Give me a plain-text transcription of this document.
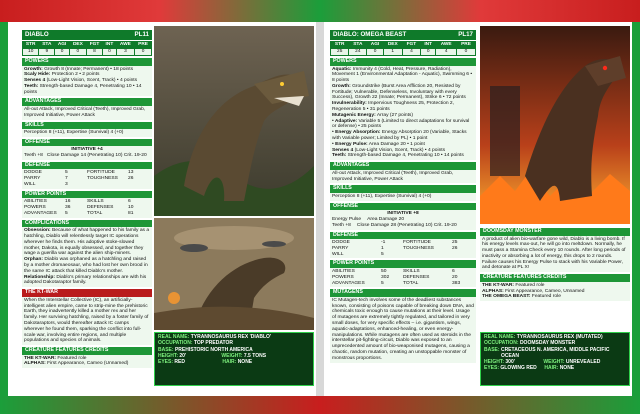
DIABLO	PL11
STR	STA	AGI	DEX	FGT	INT	AWE	PRE
10	9	0	0	8	0	3	0
POWERS
Growth: Growth 8 (Innate; Permanent) • 18 points
Scaly Hide: Protection 2 • 2 points
Senses 4 (Low-Light Vision, Scent, Track) • 4 points
Teeth: Strength-based Damage 4, Penetrating 10 • 14 points
ADVANTAGES
All-out Attack, Improved Critical (Teeth), Improved Grab, Improved Initiative, Power Attack
SKILLS
Perception 8 (+11), Expertise (Survival) 4 (+0)
OFFENSE
INITIATIVE +4
Teeth +8 Close Damage 14 (Penetrating 10) Crit. 19-20
DEFENSE
DODGE	5	FORTITUDE	13
PARRY	7	TOUGHNESS	26
WILL	3
POWER POINTS
ABILITIES	16	SKILLS	6
POWERS	36	DEFENSES	10
ADVANTAGES	5	TOTAL	81
COMPLICATIONS
Obsession: Because of what happened to his family as a hatchling, Diablo will relentlessly target IC operations wherever he finds them. His adoptive stoke-slowed mother, Dakota, is equally obsessed, and together they wage a guerilla war against the alien ship-miners.
Orphan: Diablo was orphaned as a hatchling and raised by a mother dromaeosaur, who had lost her own brood in the same IC attack that killed Diablo's mother.
Relationship: Diablo's primary relationships are with his adopted Dakotaraptor family.
THE KT-WAR
When the Interstellar Collective (IC), an artificially-intelligent alien empire, came to strip-mine the prehistoric Earth, they inadvertently killed a mother rex and her family. Her surviving hatchling, raised by a foster family of Dakotaraptors, would thereafter attack IC camps wherever he found them, sparking the conflict into full-scale war, involving entire regions, and multiple populations and species of animals.
CREATURE FEATURES CREDITS
THE KT-WAR: Featured role
ALPHAS: First Appearance, Cameo (Unnamed)
REAL NAME:
TYRANNOSAURUS REX 'DIABLO'
OCCUPATION:
TOP PREDATOR
BASE:
PREHISTORIC NORTH AMERICA
HEIGHT:
20'	WEIGHT:
7.5 TONS
EYES:
RED	HAIR:
NONE
DIABLO: OMEGA BEAST	PL17
STR	STA	AGI	DEX	FGT	INT	AWE	PRE
25	24	0	1	4	0	4	0
POWERS
Aquatic: Immunity 4 (Cold, Heat, Pressure, Radiation), Movement 1 (Environmental Adaptation - Aquatic), Swimming 6 • 8 points
Growth: Groundstrike (Burst Area Affliction 20, Resisted by Fortitude; Vulnerable, Defenseless, Involuntary with every Success), Growth 22 (Innate; Permanent), Strike 6 • 72 points
Invulnerability: Impervious Toughness 25, Protection 2, Regeneration 5 • 31 points
Mutagenic Energy: Array (27 points)
• Adaptive: Variable 5 (Limited to direct adaptations for survival or defense) • 25 points
• Energy Absorption: Energy Absorption 20 (Variable, Stacks with Variable power; Limited by PL) • 1 point
• Energy Pulse: Area Damage 20 • 1 point
Senses 4 (Low-Light Vision, Scent, Track) • 4 points
Teeth: Strength-based Damage 4, Penetrating 10 • 14 points
ADVANTAGES
All-out Attack, Improved Critical (Teeth), Improved Grab, Improved Initiative, Power Attack
SKILLS
Perception 8 (+11), Expertise (Survival) 4 (+0)
OFFENSE
INITIATIVE +8
Energy Pulse Area Damage 20
Teeth +8 Close Damage 28 (Penetrating 10) Crit. 19-20
DEFENSE
DODGE	-1	FORTITUDE	25
PARRY	1	TOUGHNESS	26
WILL	5
POWER POINTS
ABILITIES	50	SKILLS	6
POWERS	302	DEFENSES	20
ADVANTAGES	5	TOTAL	383
MUTAGENS
IC Mutagen-tech involves some of the deadliest substances known, consisting of poisons capable of breaking down DNA, and chemicals toxic enough to cause mutations at their level. Usage of mutagens are extremely tightly regulated, and tailored in very small doses, for very specific effects – i.e. gigantism, wings, aquatic-adaptations, enhanced-healing, or even energy-manipulations. While mutagens are often used as steroids in the interstellar pit-fighting-circuit, Diablo was exposed to an unprecedented amount of bio-weaponised mutagens, causing a chaotic, random mutation, creating an unstoppable monster of monstrous proportions.
DOOMSDAY MONSTER
A product of alien bio-warfare gone wild, Diablo is a living bomb. If his energy levels max-out, he will go into meltdown. Normally, he must pass a Stamina Check every 10 rounds. After long periods of inactivity or absorbing a lot of energy, this drops to 2 rounds. Failure causes his Energy Pulse to stack with his Variable Power, and detonate at PL X!
CREATURE FEATURES CREDITS
THE KT-WAR: Featured role
ALPHAS: First Appearance, Cameo, Unnamed
THE OMEGA BEAST: Featured role
REAL NAME:
TYRANNOSAURUS REX (MUTATED)
OCCUPATION:
DOOMSDAY MONSTER
BASE:
CRETACEOUS N. AMERICA, MIDDLE PACIFIC OCEAN
HEIGHT:
300'	WEIGHT:
UNREVEALED
EYES:
GLOWING RED	HAIR:
NONE
